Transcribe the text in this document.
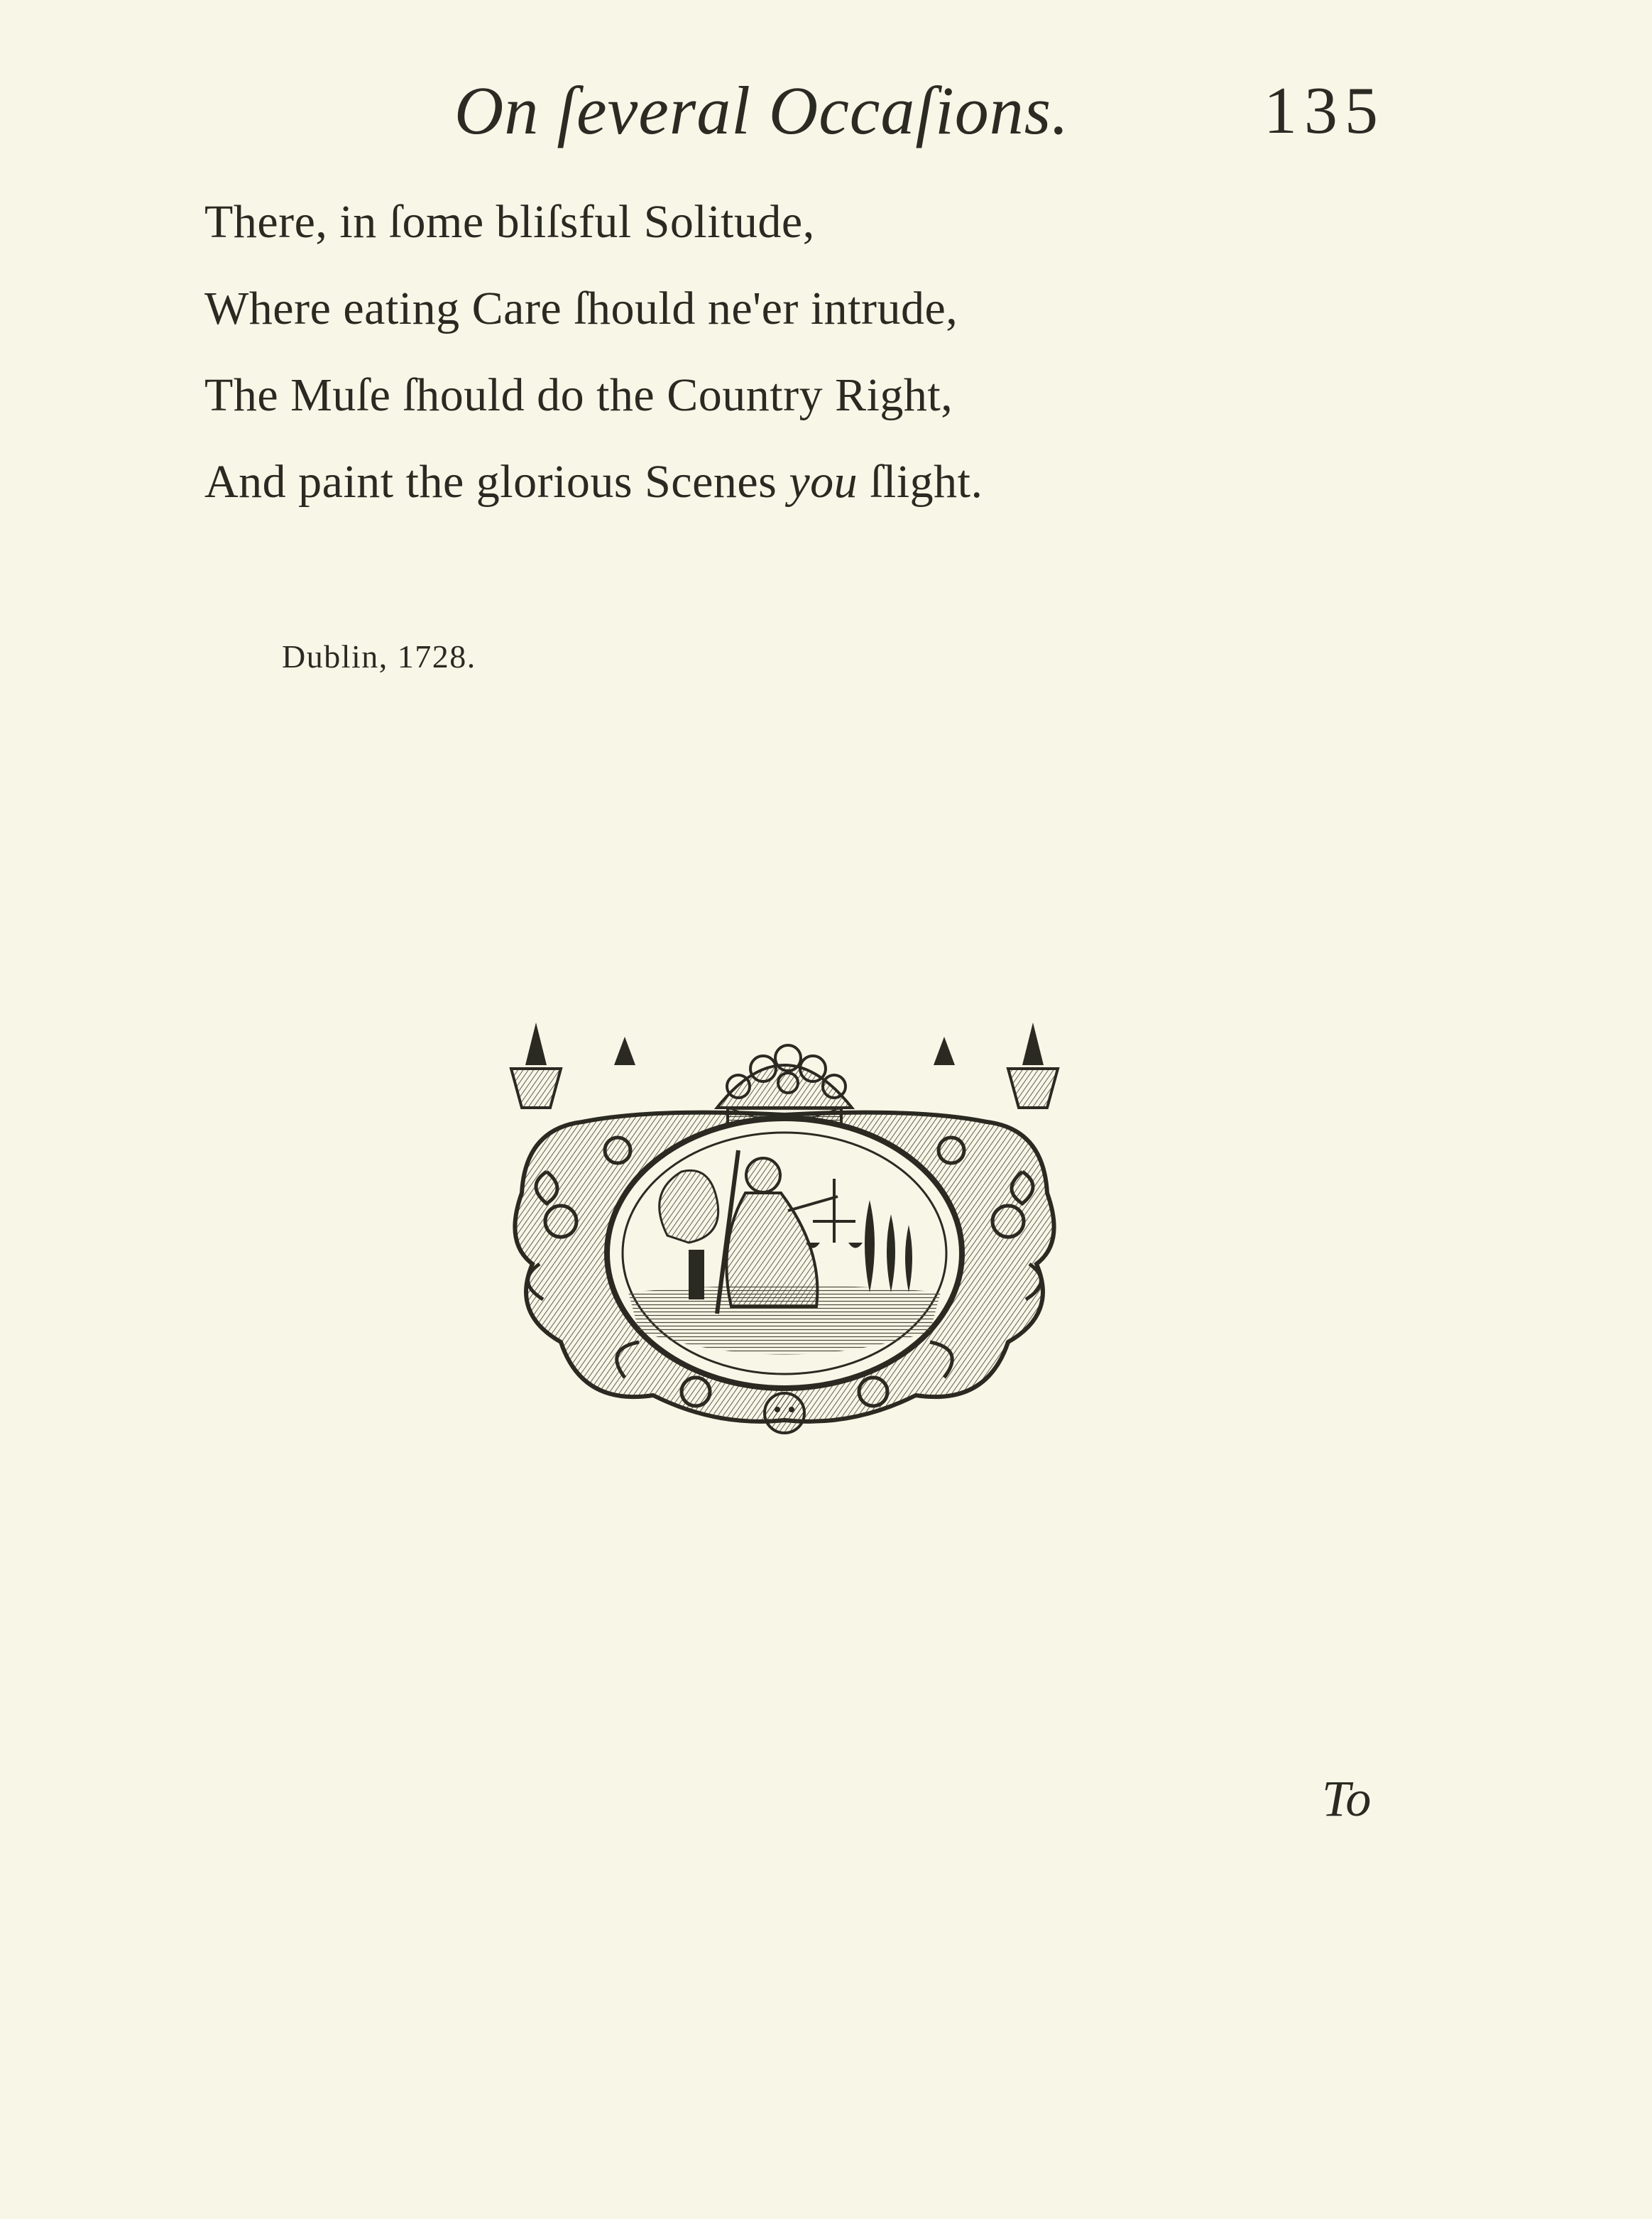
On ſeveral Occaſions.	135
There, in ſome bliſsful Solitude,
Where eating Care ſhould ne'er intrude,
The Muſe ſhould do the Country Right,
And paint the glorious Scenes you ſlight.
Dublin, 1728.
To
